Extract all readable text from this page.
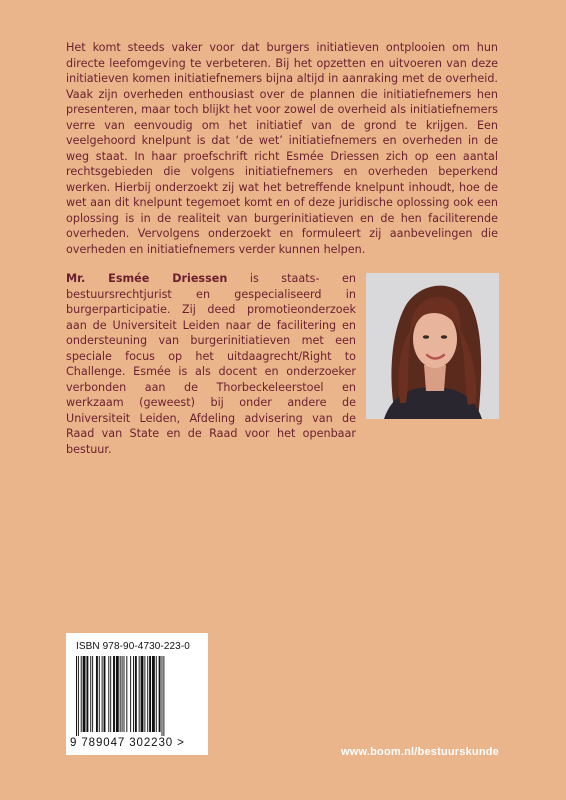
Het komt steeds vaker voor dat burgers initiatieven ontplooien om hun directe leefomgeving te verbeteren. Bij het opzetten en uitvoeren van deze initiatieven komen initiatiefnemers bijna altijd in aanraking met de overheid. Vaak zijn overheden enthousiast over de plannen die initiatiefnemers hen presenteren, maar toch blijkt het voor zowel de overheid als initiatiefnemers verre van eenvoudig om het initiatief van de grond te krijgen. Een veelgehoord knelpunt is dat ‘de wet’ initiatiefnemers en overheden in de weg staat. In haar proefschrift richt Esmée Driessen zich op een aantal rechtsgebieden die volgens initiatiefnemers en overheden beperkend werken. Hierbij onderzoekt zij wat het betreffende knelpunt inhoudt, hoe de wet aan dit knelpunt tegemoet komt en of deze juridische oplossing ook een oplossing is in de realiteit van burgerinitiatieven en de hen faciliterende overheden. Vervolgens onderzoekt en formuleert zij aanbevelingen die overheden en initiatiefnemers verder kunnen helpen.

Mr. Esmée Driessen is staats- en bestuursrechtjurist en gespecialiseerd in burgerparticipatie. Zij deed promotieonderzoek aan de Universiteit Leiden naar de facilitering en ondersteuning van burgerinitiatieven met een speciale focus op het uitdaagrecht/Right to Challenge. Esmée is als docent en onderzoeker verbonden aan de Thorbeckeleerstoel en werkzaam (geweest) bij onder andere de Universiteit Leiden, Afdeling advisering van de Raad van State en de Raad voor het openbaar bestuur.

ISBN 978-90-4730-223-0
9 789047 302230 >
www.boom.nl/bestuurskunde
